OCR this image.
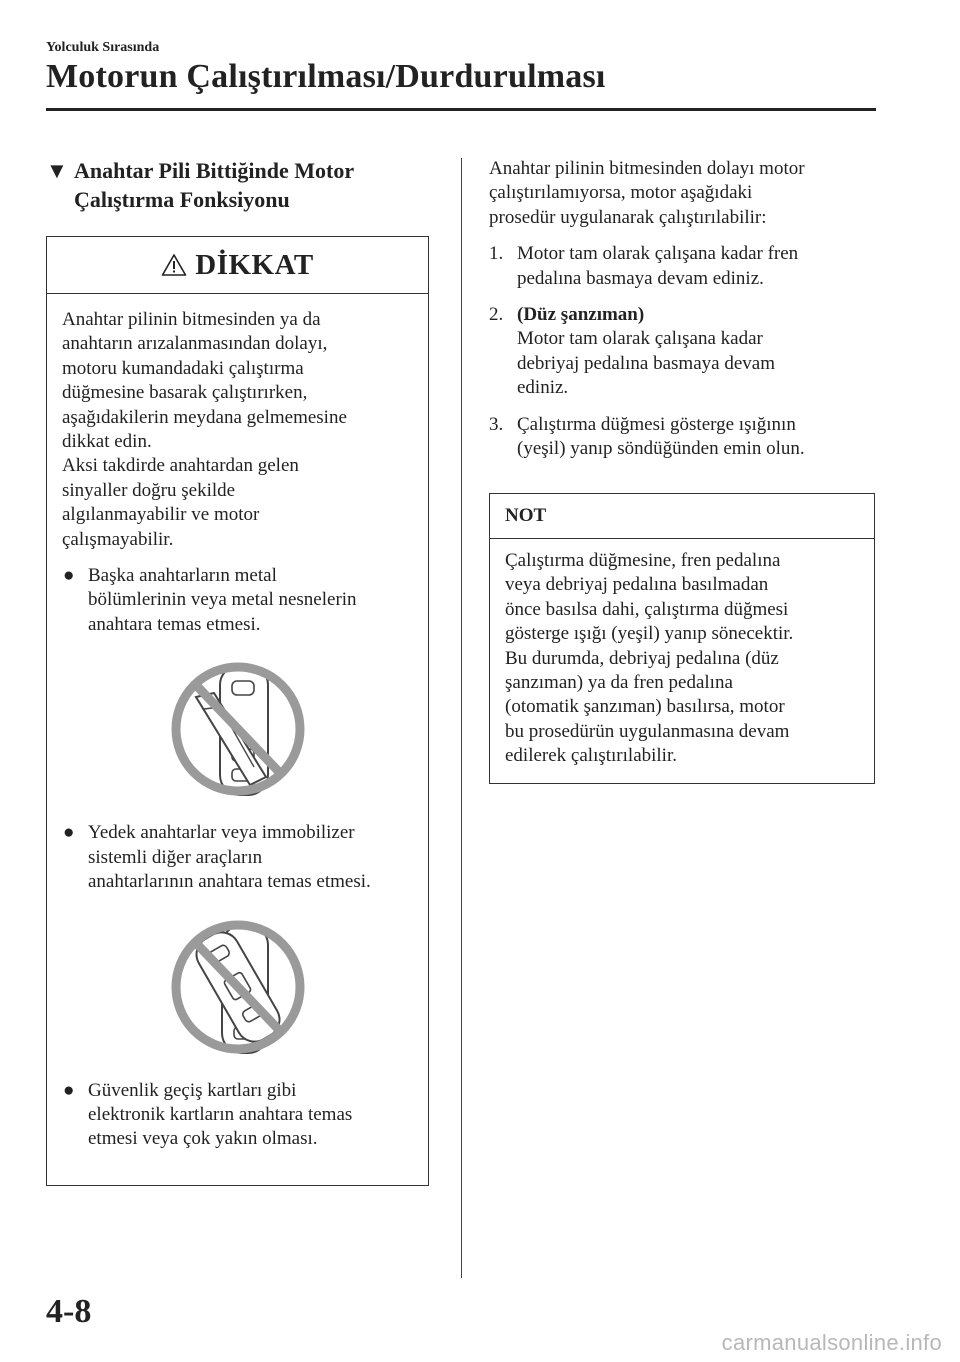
Yolculuk Sırasında
Motorun Çalıştırılması/Durdurulması
▼ Anahtar Pili Bittiğinde Motor
Çalıştırma Fonksiyonu
DİKKAT

Anahtar pilinin bitmesinden ya da
anahtarın arızalanmasından dolayı,
motoru kumandadaki çalıştırma
düğmesine basarak çalıştırırken,
aşağıdakilerin meydana gelmemesine
dikkat edin.
Aksi takdirde anahtardan gelen
sinyaller doğru şekilde
algılanmayabilir ve motor
çalışmayabilir.

● Başka anahtarların metal
bölümlerinin veya metal nesnelerin
anahtara temas etmesi.
● Yedek anahtarlar veya immobilizer
sistemli diğer araçların
anahtarlarının anahtara temas etmesi.
● Güvenlik geçiş kartları gibi
elektronik kartların anahtara temas
etmesi veya çok yakın olması.

Anahtar pilinin bitmesinden dolayı motor
çalıştırılamıyorsa, motor aşağıdaki
prosedür uygulanarak çalıştırılabilir:

1. Motor tam olarak çalışana kadar fren
pedalına basmaya devam ediniz.
2. (Düz şanzıman)
Motor tam olarak çalışana kadar
debriyaj pedalına basmaya devam
ediniz.
3. Çalıştırma düğmesi gösterge ışığının
(yeşil) yanıp söndüğünden emin olun.
NOT
Çalıştırma düğmesine, fren pedalına
veya debriyaj pedalına basılmadan
önce basılsa dahi, çalıştırma düğmesi
gösterge ışığı (yeşil) yanıp sönecektir.
Bu durumda, debriyaj pedalına (düz
şanzıman) ya da fren pedalına
(otomatik şanzıman) basılırsa, motor
bu prosedürün uygulanmasına devam
edilerek çalıştırılabilir.
4-8
carmanualsonline.info
